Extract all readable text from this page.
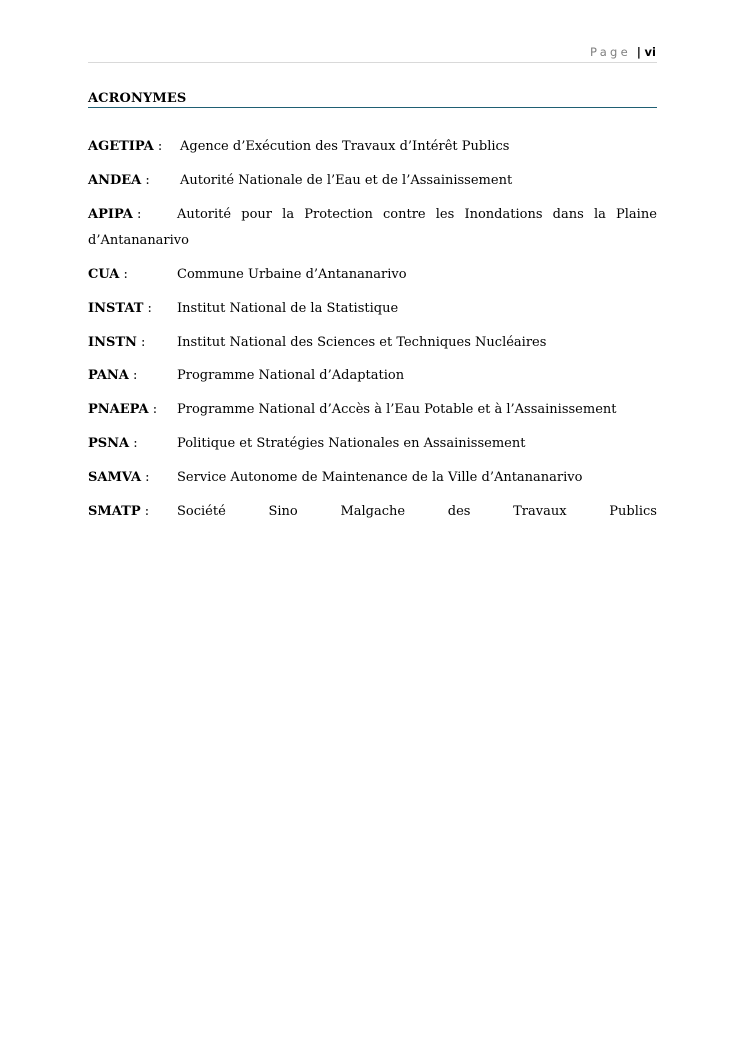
Page | vi
ACRONYMES
AGETIPA : Agence d’Exécution des Travaux d’Intérêt Publics
ANDEA : Autorité Nationale de l’Eau et de l’Assainissement
APIPA :	Autorité pour la Protection contre les Inondations dans la Plaine
d’Antananarivo
CUA :	Commune Urbaine d’Antananarivo
INSTAT : Institut National de la Statistique
INSTN : Institut National des Sciences et Techniques Nucléaires
PANA :	Programme National d’Adaptation
PNAEPA : Programme National d’Accès à l’Eau Potable et à l’Assainissement
PSNA :	Politique et Stratégies Nationales en Assainissement
SAMVA : Service Autonome de Maintenance de la Ville d’Antananarivo
SMATP : Société	Sino	Malgache	des	Travaux	Publics
